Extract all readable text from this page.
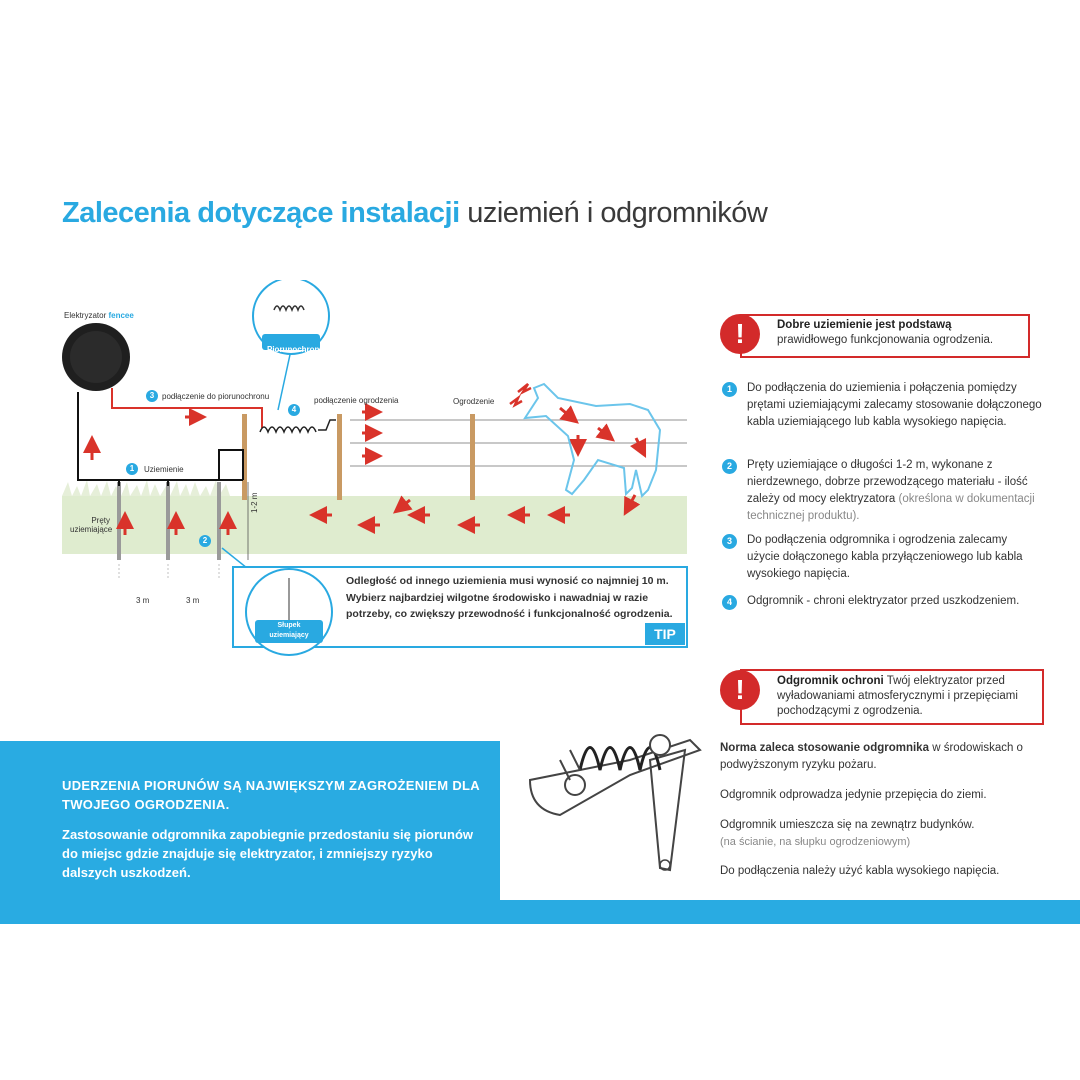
Zalecenia dotyczące instalacji uziemień i odgromników
Elektryzator fencee
Piorunochron
3 podłączenie do piorunochronu
4
podłączenie ogrodzenia	Ogrodzenie
1	Uziemienie
Pręty
uziemiające
2
1-2 m
3 m	3 m
Słupek
uziemiający
Odległość od innego uziemienia musi wynosić co najmniej 10 m. Wybierz najbardziej wilgotne środowisko i nawadniaj w razie potrzeby, co zwiększy przewodność i funkcjonalność ogrodzenia.
TIP
!	Dobre uziemienie jest podstawą
prawidłowego funkcjonowania ogrodzenia.
1	Do podłączenia do uziemienia i połączenia pomiędzy prętami uziemiającymi zalecamy stosowanie dołączonego kabla uziemiającego lub kabla wysokiego napięcia.
2	Pręty uziemiające o długości 1-2 m, wykonane z nierdzewnego, dobrze przewodzącego materiału - ilość zależy od mocy elektryzatora (określona w dokumentacji technicznej produktu).
3	Do podłączenia odgromnika i ogrodzenia zalecamy użycie dołączonego kabla przyłączeniowego lub kabla wysokiego napięcia.
4	Odgromnik - chroni elektryzator przed uszkodzeniem.
!	Odgromnik ochroni Twój elektryzator przed wyładowaniami atmosferycznymi i przepięciami pochodzącymi z ogrodzenia.
UDERZENIA PIORUNÓW SĄ NAJWIĘKSZYM ZAGROŻENIEM DLA TWOJEGO OGRODZENIA.
Zastosowanie odgromnika zapobiegnie przedostaniu się piorunów do miejsc gdzie znajduje się elektryzator, i zmniejszy ryzyko dalszych uszkodzeń.
Norma zaleca stosowanie odgromnika w środowiskach o podwyższonym ryzyku pożaru.
Odgromnik odprowadza jedynie przepięcia do ziemi.
Odgromnik umieszcza się na zewnątrz budynków.
(na ścianie, na słupku ogrodzeniowym)
Do podłączenia należy użyć kabla wysokiego napięcia.
